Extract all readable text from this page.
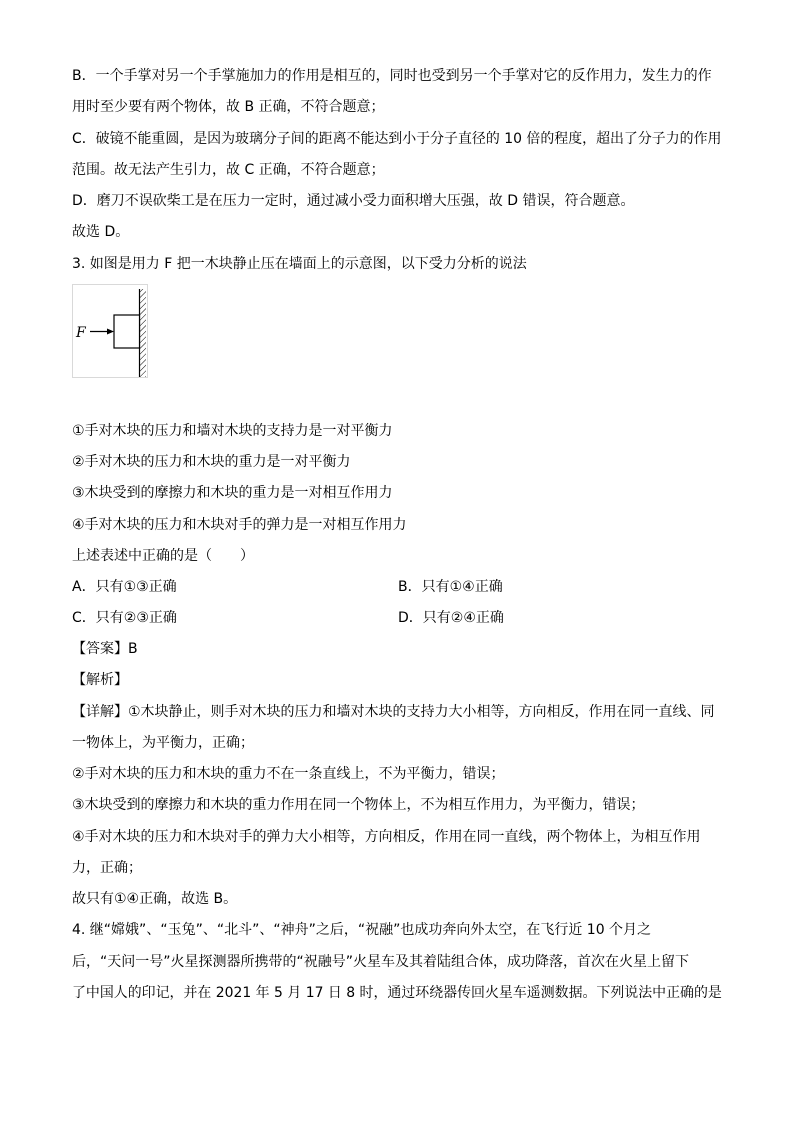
B．一个手掌对另一个手掌施加力的作用是相互的，同时也受到另一个手掌对它的反作用力，发生力的作
用时至少要有两个物体，故 B 正确，不符合题意；
C．破镜不能重圆，是因为玻璃分子间的距离不能达到小于分子直径的 10 倍的程度，超出了分子力的作用
范围。故无法产生引力，故 C 正确，不符合题意；
D．磨刀不误砍柴工是在压力一定时，通过减小受力面积增大压强，故 D 错误，符合题意。
故选 D。
3. 如图是用力 F 把一木块静止压在墙面上的示意图，以下受力分析的说法
F
①手对木块的压力和墙对木块的支持力是一对平衡力
②手对木块的压力和木块的重力是一对平衡力
③木块受到的摩擦力和木块的重力是一对相互作用力
④手对木块的压力和木块对手的弹力是一对相互作用力
上述表述中正确的是（　　）
A．只有①③正确	B．只有①④正确
C．只有②③正确	D．只有②④正确
【答案】B
【解析】
【详解】①木块静止，则手对木块的压力和墙对木块的支持力大小相等，方向相反，作用在同一直线、同
一物体上，为平衡力，正确；
②手对木块的压力和木块的重力不在一条直线上，不为平衡力，错误；
③木块受到的摩擦力和木块的重力作用在同一个物体上，不为相互作用力，为平衡力，错误；
④手对木块的压力和木块对手的弹力大小相等，方向相反，作用在同一直线，两个物体上，为相互作用
力，正确；
故只有①④正确，故选 B。
4. 继“嫦娥”、“玉兔”、“北斗”、“神舟”之后，“祝融”也成功奔向外太空，在飞行近 10 个月之
后，“天问一号”火星探测器所携带的“祝融号”火星车及其着陆组合体，成功降落，首次在火星上留下
了中国人的印记，并在 2021 年 5 月 17 日 8 时，通过环绕器传回火星车遥测数据。下列说法中正确的是
